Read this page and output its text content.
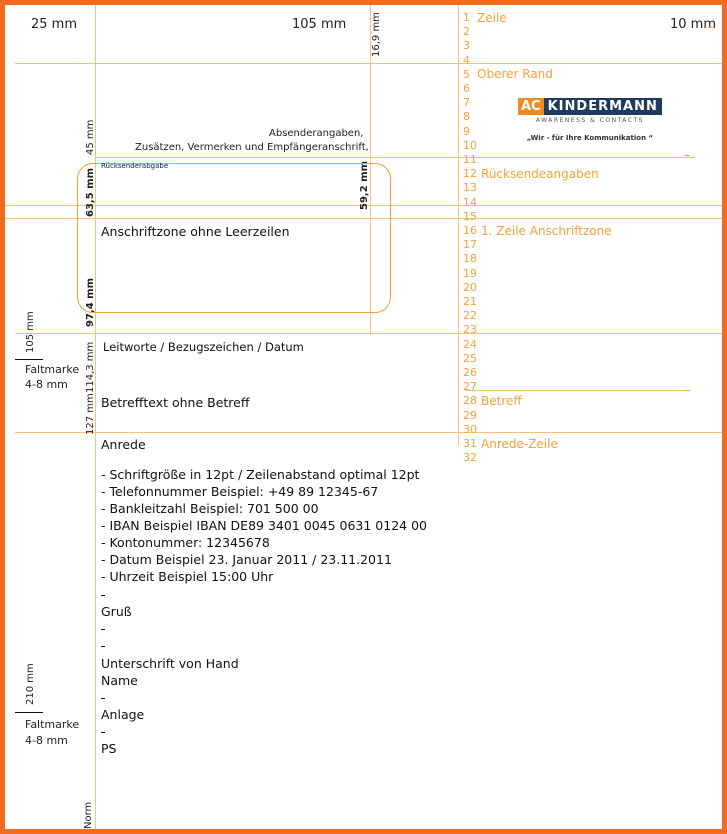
25 mm	105 mm	10 mm
16,9 mm
45 mm
63,5 mm
97,4 mm
105 mm
114,3 mm
127 mm
210 mm
Norm
59,2 mm
Faltmarke
4-8 mm
Faltmarke
4-8 mm
Absenderangaben,
Zusätzen, Vermerken und Empfängeranschrift,
Rücksenderabgabe
Anschriftzone ohne Leerzeilen
AC KINDERMANN
AWARENESS & CONTACTS
„Wir - für Ihre Kommunikation “
1
2
3
4
5
6
7
8
9
10
11
12
13
14
15
16
17
18
19
20
21
22
23
24
25
26
27
28
29
30
31
32
Zeile
Oberer Rand
Rücksendeangaben
1. Zeile Anschriftzone
Betreff
Anrede-Zeile
Leitworte / Bezugszeichen / Datum
Betrefftext ohne Betreff
Anrede
- Schriftgröße in 12pt / Zeilenabstand optimal 12pt
- Telefonnummer Beispiel: +49 89 12345-67
- Bankleitzahl Beispiel: 701 500 00
- IBAN Beispiel IBAN DE89 3401 0045 0631 0124 00
- Kontonummer: 12345678
- Datum Beispiel 23. Januar 2011 / 23.11.2011
- Uhrzeit Beispiel 15:00 Uhr
Gruß
Unterschrift von Hand
Name
Anlage
PS
